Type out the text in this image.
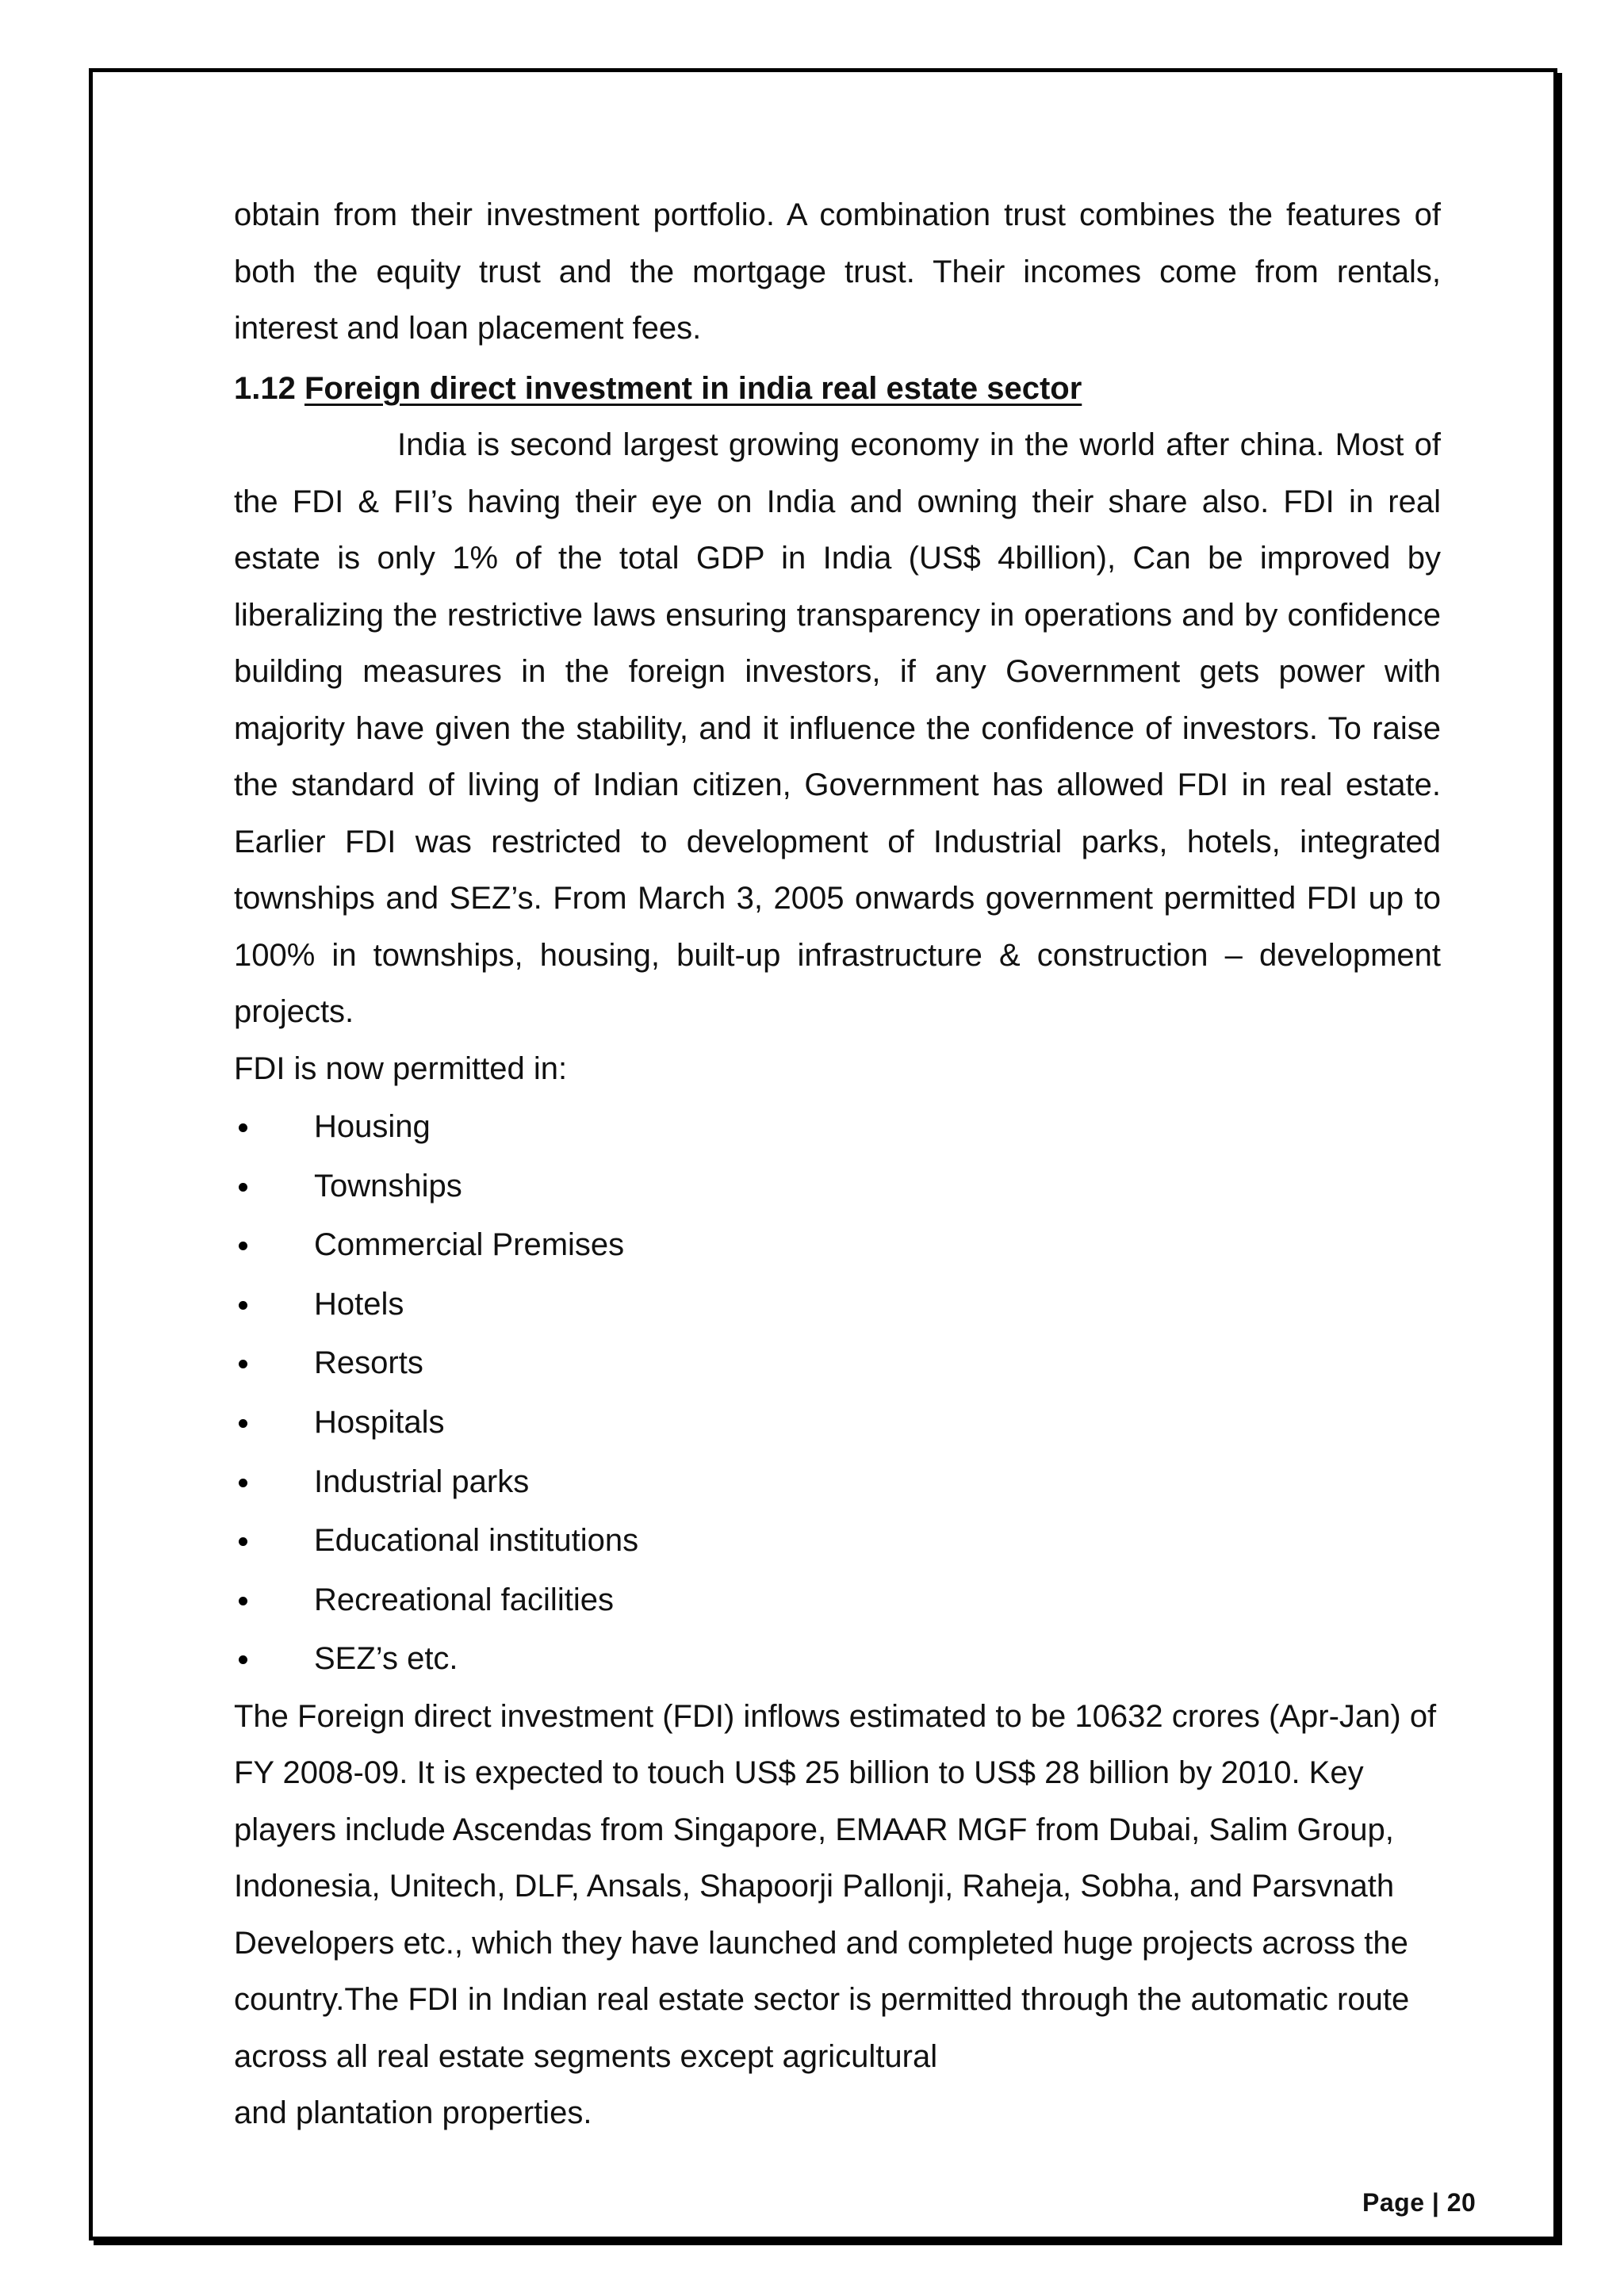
obtain from their investment portfolio. A combination trust combines the features of both the equity trust and the mortgage trust. Their incomes come from rentals, interest and loan placement fees.

1.12 Foreign direct investment in india real estate sector

India is second largest growing economy in the world after china. Most of the FDI & FII’s having their eye on India and owning their share also. FDI in real estate is only 1% of the total GDP in India (US$ 4billion), Can be improved by liberalizing the restrictive laws ensuring transparency in operations and by confidence building measures in the foreign investors, if any Government gets power with majority have given the stability, and it influence the confidence of investors. To raise the standard of living of Indian citizen, Government has allowed FDI in real estate. Earlier FDI was restricted to development of Industrial parks, hotels, integrated townships and SEZ’s. From March 3, 2005 onwards government permitted FDI up to 100% in townships, housing, built-up infrastructure & construction – development projects.

FDI is now permitted in:

Housing
Townships
Commercial Premises
Hotels
Resorts
Hospitals
Industrial parks
Educational institutions
Recreational facilities
SEZ’s etc.

The Foreign direct investment (FDI) inflows estimated to be 10632 crores (Apr-Jan) of FY 2008-09. It is expected to touch US$ 25 billion to US$ 28 billion by 2010. Key players include Ascendas from Singapore, EMAAR MGF from Dubai, Salim Group, Indonesia, Unitech, DLF, Ansals, Shapoorji Pallonji, Raheja, Sobha, and Parsvnath Developers etc., which they have launched and completed huge projects across the country.The FDI in Indian real estate sector is permitted through the automatic route across all real estate segments except agricultural

and plantation properties.

Page | 20
